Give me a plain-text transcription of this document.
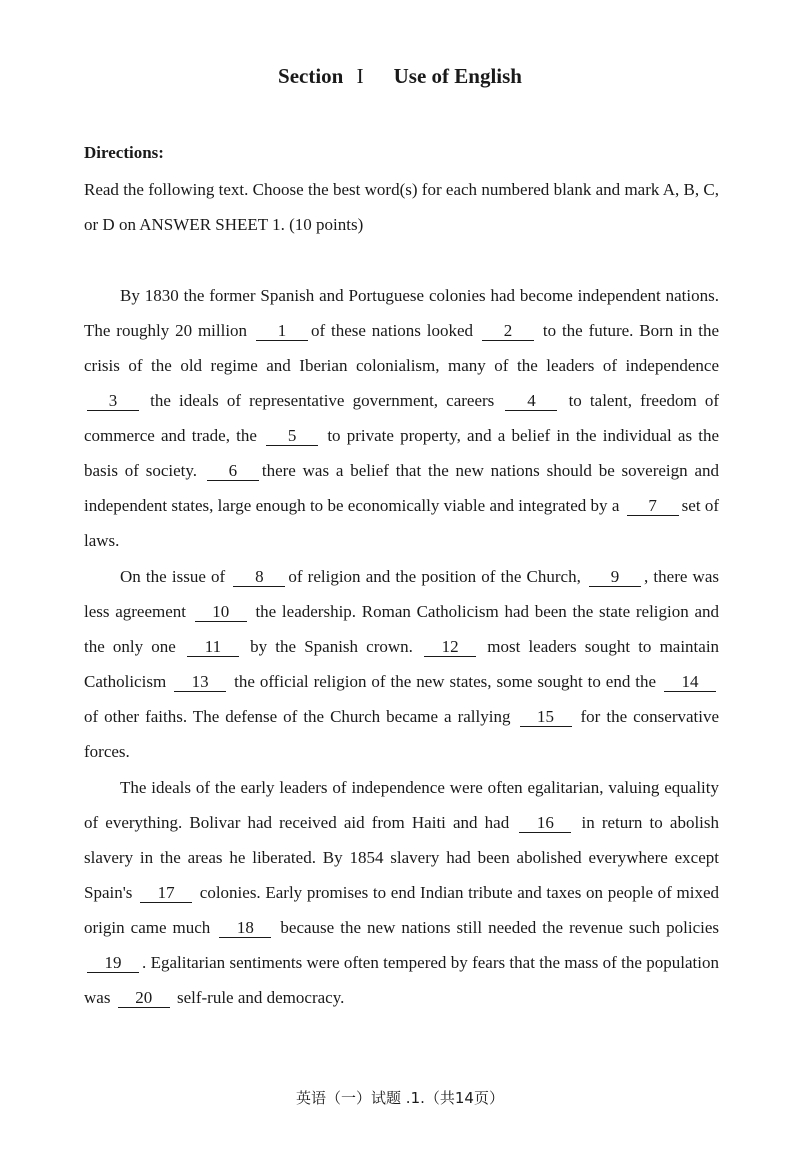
Section I Use of English
Directions:

Read the following text. Choose the best word(s) for each numbered blank and mark A, B, C, or D on ANSWER SHEET 1. (10 points)

By 1830 the former Spanish and Portuguese colonies had become independent nations. The roughly 20 million 1 of these nations looked 2 to the future. Born in the crisis of the old regime and Iberian colonialism, many of the leaders of independence 3 the ideals of representative government, careers 4 to talent, freedom of commerce and trade, the 5 to private property, and a belief in the individual as the basis of society. 6 there was a belief that the new nations should be sovereign and independent states, large enough to be economically viable and integrated by a 7 set of laws.

On the issue of 8 of religion and the position of the Church, 9 , there was less agreement 10 the leadership. Roman Catholicism had been the state religion and the only one 11 by the Spanish crown. 12 most leaders sought to maintain Catholicism 13 the official religion of the new states, some sought to end the 14 of other faiths. The defense of the Church became a rallying 15 for the conservative forces.

The ideals of the early leaders of independence were often egalitarian, valuing equality of everything. Bolivar had received aid from Haiti and had 16 in return to abolish slavery in the areas he liberated. By 1854 slavery had been abolished everywhere except Spain's 17 colonies. Early promises to end Indian tribute and taxes on people of mixed origin came much 18 because the new nations still needed the revenue such policies 19 . Egalitarian sentiments were often tempered by fears that the mass of the population was 20 self-rule and democracy.

英语（一）试题 .1.（共14页）
